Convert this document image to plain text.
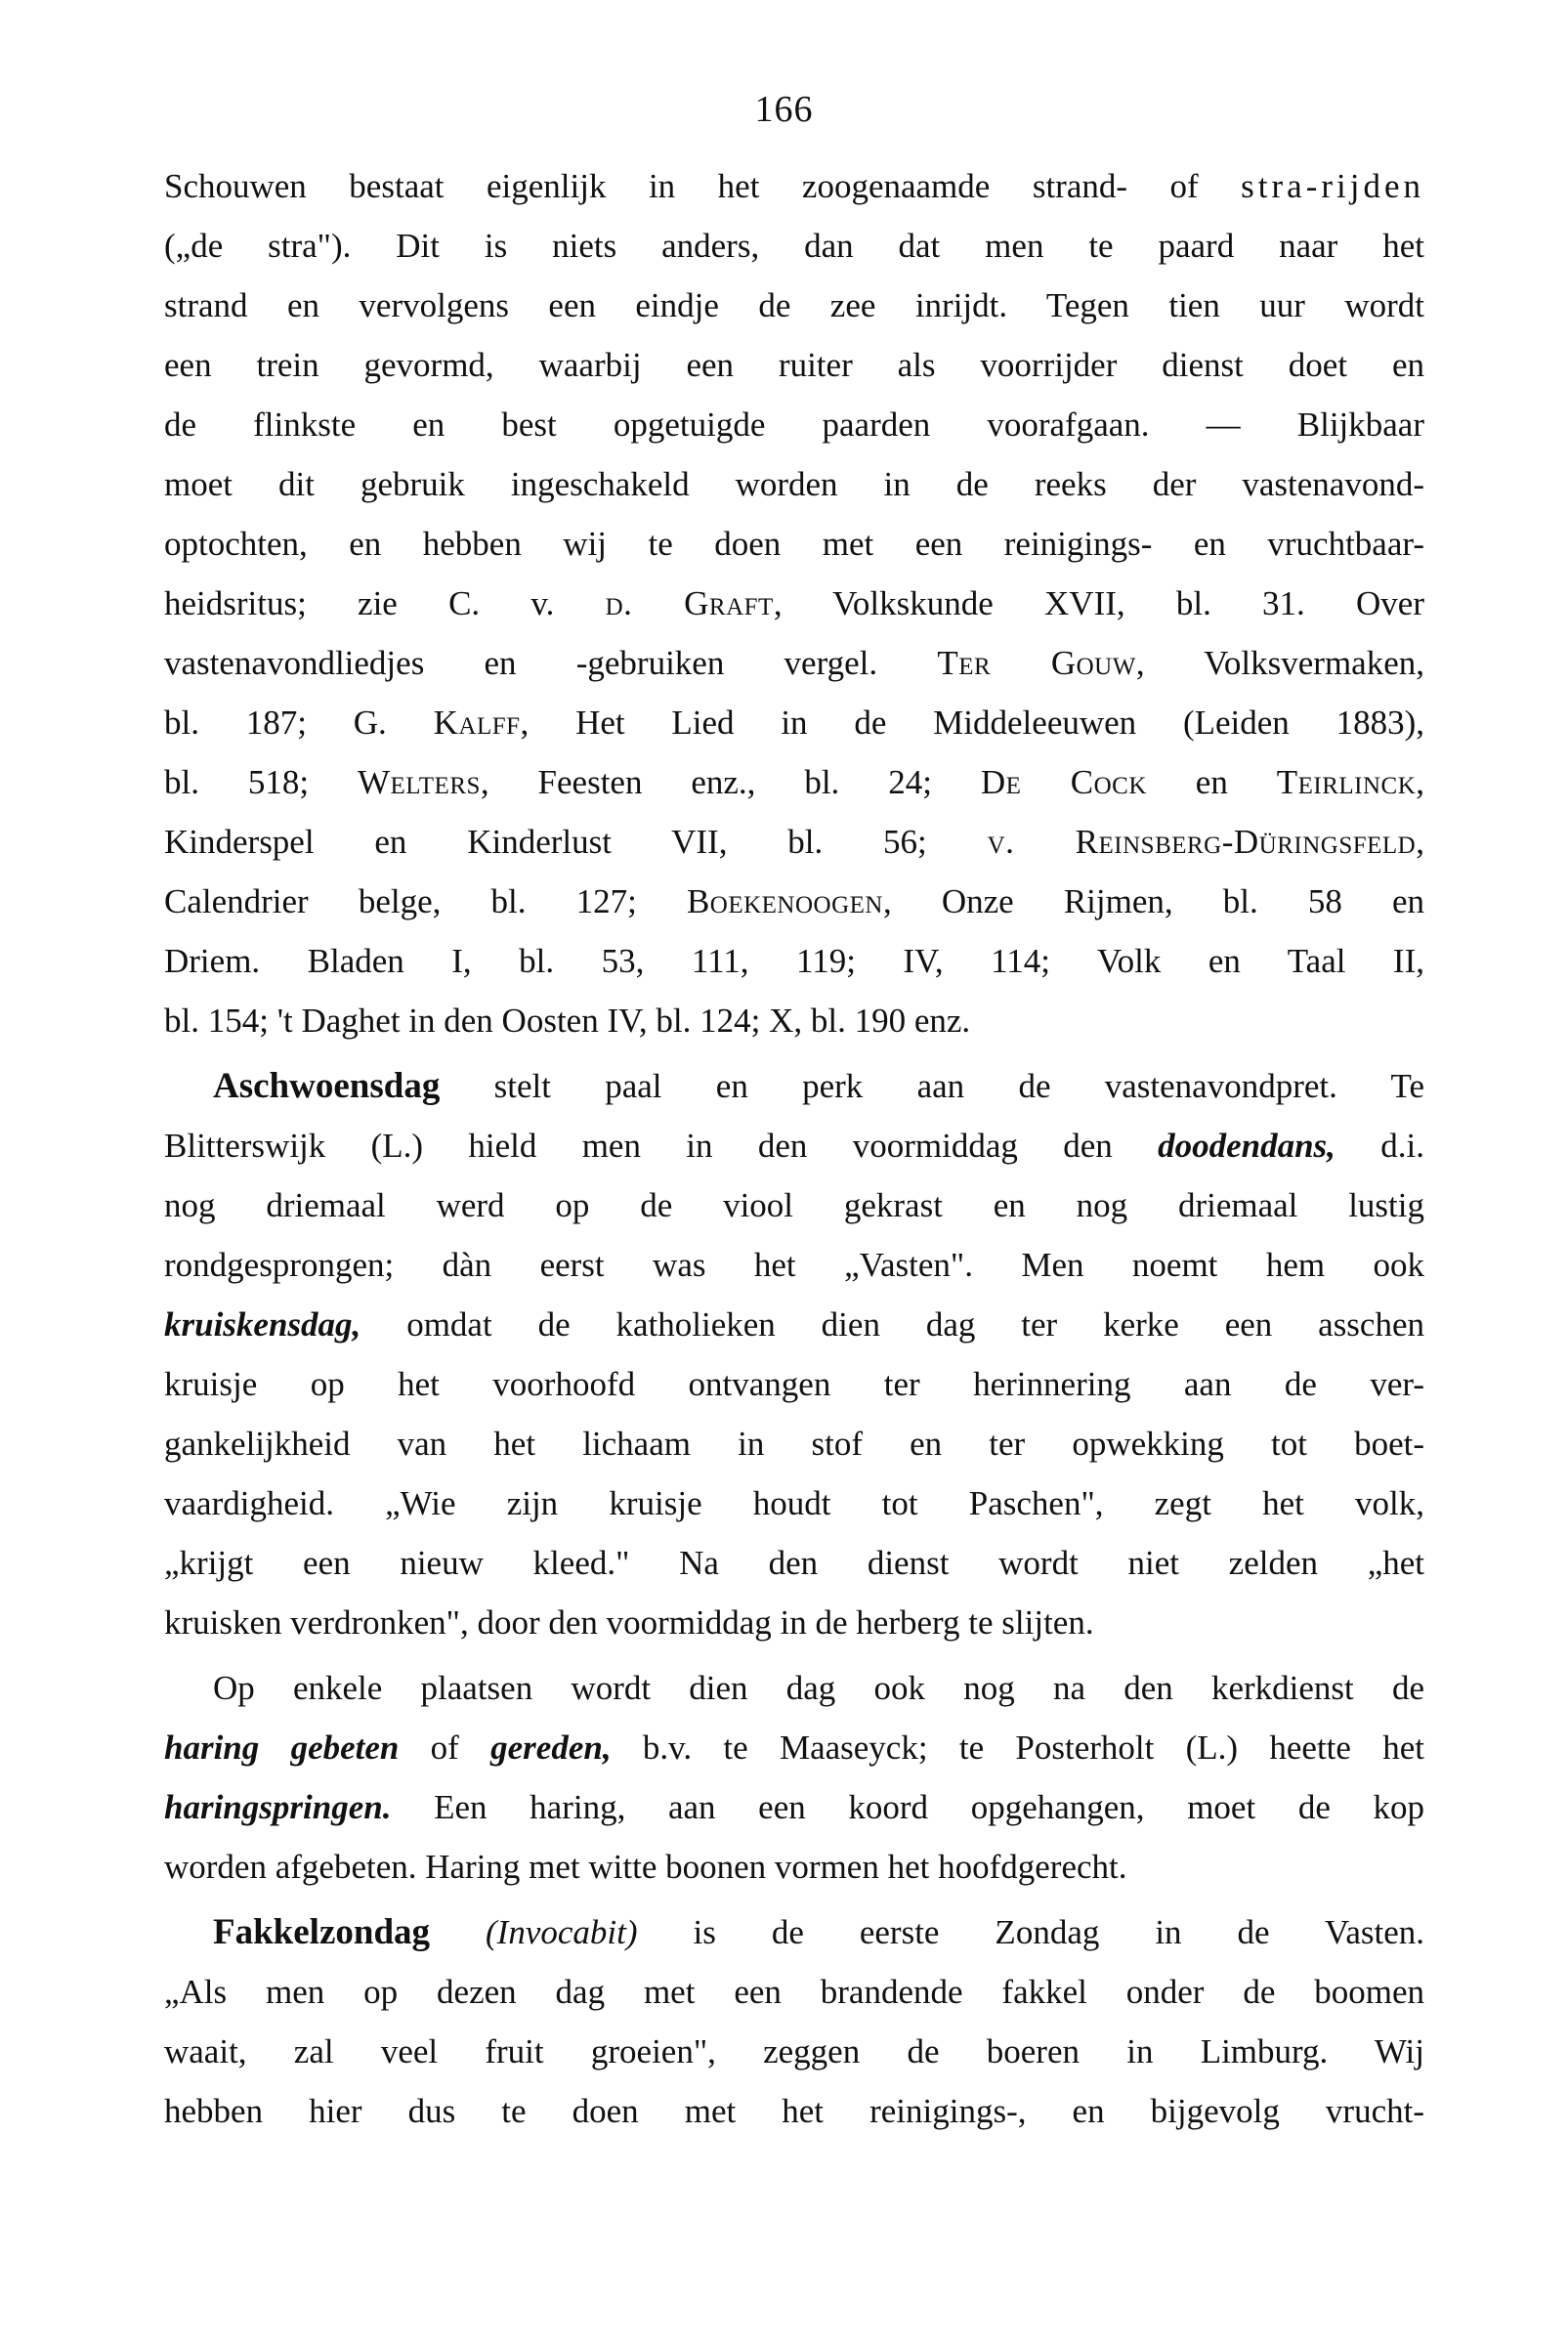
166
Schouwen bestaat eigenlijk in het zoogenaamde strand- of stra-rijden
(„de stra"). Dit is niets anders, dan dat men te paard naar het
strand en vervolgens een eindje de zee inrijdt. Tegen tien uur wordt
een trein gevormd, waarbij een ruiter als voorrijder dienst doet en
de flinkste en best opgetuigde paarden voorafgaan. — Blijkbaar
moet dit gebruik ingeschakeld worden in de reeks der vastenavond-
optochten, en hebben wij te doen met een reinigings- en vruchtbaar-
heidsritus; zie C. v. d. Graft, Volkskunde XVII, bl. 31. Over
vastenavondliedjes en -gebruiken vergel. Ter Gouw, Volksvermaken,
bl. 187; G. Kalff, Het Lied in de Middeleeuwen (Leiden 1883),
bl. 518; Welters, Feesten enz., bl. 24; De Cock en Teirlinck,
Kinderspel en Kinderlust VII, bl. 56; v. Reinsberg-Düringsfeld,
Calendrier belge, bl. 127; Boekenoogen, Onze Rijmen, bl. 58 en
Driem. Bladen I, bl. 53, 111, 119; IV, 114; Volk en Taal II,
bl. 154; 't Daghet in den Oosten IV, bl. 124; X, bl. 190 enz.
Aschwoensdag stelt paal en perk aan de vastenavondpret. Te
Blitterswijk (L.) hield men in den voormiddag den doodendans, d.i.
nog driemaal werd op de viool gekrast en nog driemaal lustig
rondgesprongen; dàn eerst was het „Vasten". Men noemt hem ook
kruiskensdag, omdat de katholieken dien dag ter kerke een asschen
kruisje op het voorhoofd ontvangen ter herinnering aan de ver-
gankelijkheid van het lichaam in stof en ter opwekking tot boet-
vaardigheid. „Wie zijn kruisje houdt tot Paschen", zegt het volk,
„krijgt een nieuw kleed." Na den dienst wordt niet zelden „het
kruisken verdronken", door den voormiddag in de herberg te slijten.
Op enkele plaatsen wordt dien dag ook nog na den kerkdienst de
haring gebeten of gereden, b.v. te Maaseyck; te Posterholt (L.) heette het
haringspringen. Een haring, aan een koord opgehangen, moet de kop
worden afgebeten. Haring met witte boonen vormen het hoofdgerecht.
Fakkelzondag (Invocabit) is de eerste Zondag in de Vasten.
„Als men op dezen dag met een brandende fakkel onder de boomen
waait, zal veel fruit groeien", zeggen de boeren in Limburg. Wij
hebben hier dus te doen met het reinigings-, en bijgevolg vrucht-
